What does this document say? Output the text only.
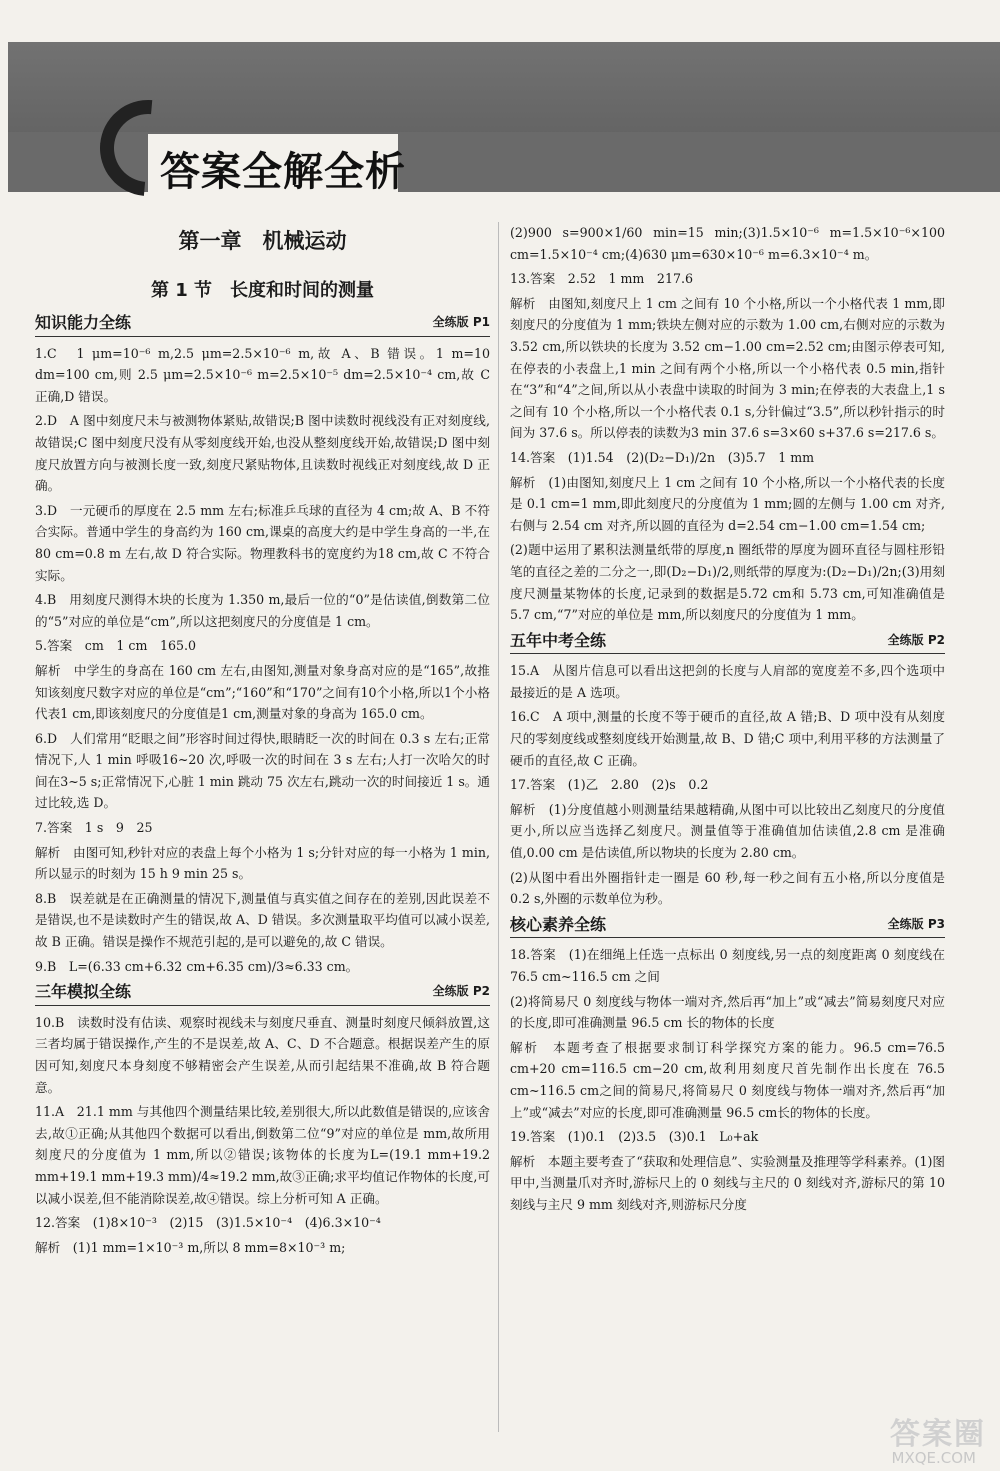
答案全解全析
第一章　机械运动
第 1 节　长度和时间的测量
知识能力全练	全练版 P1
1.C　1 μm=10⁻⁶ m,2.5 μm=2.5×10⁻⁶ m,故 A、B 错误。1 m=10 dm=100 cm,则 2.5 μm=2.5×10⁻⁶ m=2.5×10⁻⁵ dm=2.5×10⁻⁴ cm,故 C 正确,D 错误。
2.D　A 图中刻度尺未与被测物体紧贴,故错误;B 图中读数时视线没有正对刻度线,故错误;C 图中刻度尺没有从零刻度线开始,也没从整刻度线开始,故错误;D 图中刻度尺放置方向与被测长度一致,刻度尺紧贴物体,且读数时视线正对刻度线,故 D 正确。
3.D　一元硬币的厚度在 2.5 mm 左右;标准乒乓球的直径为 4 cm;故 A、B 不符合实际。普通中学生的身高约为 160 cm,课桌的高度大约是中学生身高的一半,在 80 cm=0.8 m 左右,故 D 符合实际。物理教科书的宽度约为18 cm,故 C 不符合实际。
4.B　用刻度尺测得木块的长度为 1.350 m,最后一位的“0”是估读值,倒数第二位的“5”对应的单位是“cm”,所以这把刻度尺的分度值是 1 cm。
5.答案　cm　1 cm　165.0
解析　中学生的身高在 160 cm 左右,由图知,测量对象身高对应的是“165”,故推知该刻度尺数字对应的单位是“cm”;“160”和“170”之间有10个小格,所以1个小格代表1 cm,即该刻度尺的分度值是1 cm,测量对象的身高为 165.0 cm。
6.D　人们常用“眨眼之间”形容时间过得快,眼睛眨一次的时间在 0.3 s 左右;正常情况下,人 1 min 呼吸16~20 次,呼吸一次的时间在 3 s 左右;人打一次哈欠的时间在3~5 s;正常情况下,心脏 1 min 跳动 75 次左右,跳动一次的时间接近 1 s。通过比较,选 D。
7.答案　1 s　9　25
解析　由图可知,秒针对应的表盘上每个小格为 1 s;分针对应的每一小格为 1 min,所以显示的时刻为 15 h 9 min 25 s。
8.B　误差就是在正确测量的情况下,测量值与真实值之间存在的差别,因此误差不是错误,也不是读数时产生的错误,故 A、D 错误。多次测量取平均值可以减小误差,故 B 正确。错误是操作不规范引起的,是可以避免的,故 C 错误。
9.B　L=(6.33 cm+6.32 cm+6.35 cm)/3≈6.33 cm。
三年模拟全练	全练版 P2
10.B　读数时没有估读、观察时视线未与刻度尺垂直、测量时刻度尺倾斜放置,这三者均属于错误操作,产生的不是误差,故 A、C、D 不合题意。根据误差产生的原因可知,刻度尺本身刻度不够精密会产生误差,从而引起结果不准确,故 B 符合题意。
11.A　21.1 mm 与其他四个测量结果比较,差别很大,所以此数值是错误的,应该舍去,故①正确;从其他四个数据可以看出,倒数第二位“9”对应的单位是 mm,故所用刻度尺的分度值为 1 mm,所以②错误;该物体的长度为L=(19.1 mm+19.2 mm+19.1 mm+19.3 mm)/4≈19.2 mm,故③正确;求平均值记作物体的长度,可以减小误差,但不能消除误差,故④错误。综上分析可知 A 正确。
12.答案　(1)8×10⁻³　(2)15　(3)1.5×10⁻⁴　(4)6.3×10⁻⁴
解析　(1)1 mm=1×10⁻³ m,所以 8 mm=8×10⁻³ m;
(2)900 s=900×1/60 min=15 min;(3)1.5×10⁻⁶ m=1.5×10⁻⁶×100 cm=1.5×10⁻⁴ cm;(4)630 μm=630×10⁻⁶ m=6.3×10⁻⁴ m。
13.答案　2.52　1 mm　217.6
解析　由图知,刻度尺上 1 cm 之间有 10 个小格,所以一个小格代表 1 mm,即刻度尺的分度值为 1 mm;铁块左侧对应的示数为 1.00 cm,右侧对应的示数为 3.52 cm,所以铁块的长度为 3.52 cm−1.00 cm=2.52 cm;由图示停表可知,在停表的小表盘上,1 min 之间有两个小格,所以一个小格代表 0.5 min,指针在“3”和“4”之间,所以从小表盘中读取的时间为 3 min;在停表的大表盘上,1 s 之间有 10 个小格,所以一个小格代表 0.1 s,分针偏过“3.5”,所以秒针指示的时间为 37.6 s。所以停表的读数为3 min 37.6 s=3×60 s+37.6 s=217.6 s。
14.答案　(1)1.54　(2)(D₂−D₁)/2n　(3)5.7　1 mm
解析　(1)由图知,刻度尺上 1 cm 之间有 10 个小格,所以一个小格代表的长度是 0.1 cm=1 mm,即此刻度尺的分度值为 1 mm;圆的左侧与 1.00 cm 对齐,右侧与 2.54 cm 对齐,所以圆的直径为 d=2.54 cm−1.00 cm=1.54 cm;
(2)题中运用了累积法测量纸带的厚度,n 圈纸带的厚度为圆环直径与圆柱形铅笔的直径之差的二分之一,即(D₂−D₁)/2,则纸带的厚度为:(D₂−D₁)/2n;(3)用刻度尺测量某物体的长度,记录到的数据是5.72 cm和 5.73 cm,可知准确值是 5.7 cm,“7”对应的单位是 mm,所以刻度尺的分度值为 1 mm。
五年中考全练	全练版 P2
15.A　从图片信息可以看出这把剑的长度与人肩部的宽度差不多,四个选项中最接近的是 A 选项。
16.C　A 项中,测量的长度不等于硬币的直径,故 A 错;B、D 项中没有从刻度尺的零刻度线或整刻度线开始测量,故 B、D 错;C 项中,利用平移的方法测量了硬币的直径,故 C 正确。
17.答案　(1)乙　2.80　(2)s　0.2
解析　(1)分度值越小则测量结果越精确,从图中可以比较出乙刻度尺的分度值更小,所以应当选择乙刻度尺。测量值等于准确值加估读值,2.8 cm 是准确值,0.00 cm 是估读值,所以物块的长度为 2.80 cm。
(2)从图中看出外圈指针走一圈是 60 秒,每一秒之间有五小格,所以分度值是 0.2 s,外圈的示数单位为秒。
核心素养全练	全练版 P3
18.答案　(1)在细绳上任选一点标出 0 刻度线,另一点的刻度距离 0 刻度线在 76.5 cm~116.5 cm 之间
(2)将简易尺 0 刻度线与物体一端对齐,然后再“加上”或“减去”简易刻度尺对应的长度,即可准确测量 96.5 cm 长的物体的长度
解析　本题考查了根据要求制订科学探究方案的能力。96.5 cm=76.5 cm+20 cm=116.5 cm−20 cm,故利用刻度尺首先制作出长度在 76.5 cm~116.5 cm之间的简易尺,将简易尺 0 刻度线与物体一端对齐,然后再“加上”或“减去”对应的长度,即可准确测量 96.5 cm长的物体的长度。
19.答案　(1)0.1　(2)3.5　(3)0.1　L₀+ak
解析　本题主要考查了“获取和处理信息”、实验测量及推理等学科素养。(1)图甲中,当测量爪对齐时,游标尺上的 0 刻线与主尺的 0 刻线对齐,游标尺的第 10 刻线与主尺 9 mm 刻线对齐,则游标尺分度
答案圈
MXQE.COM
